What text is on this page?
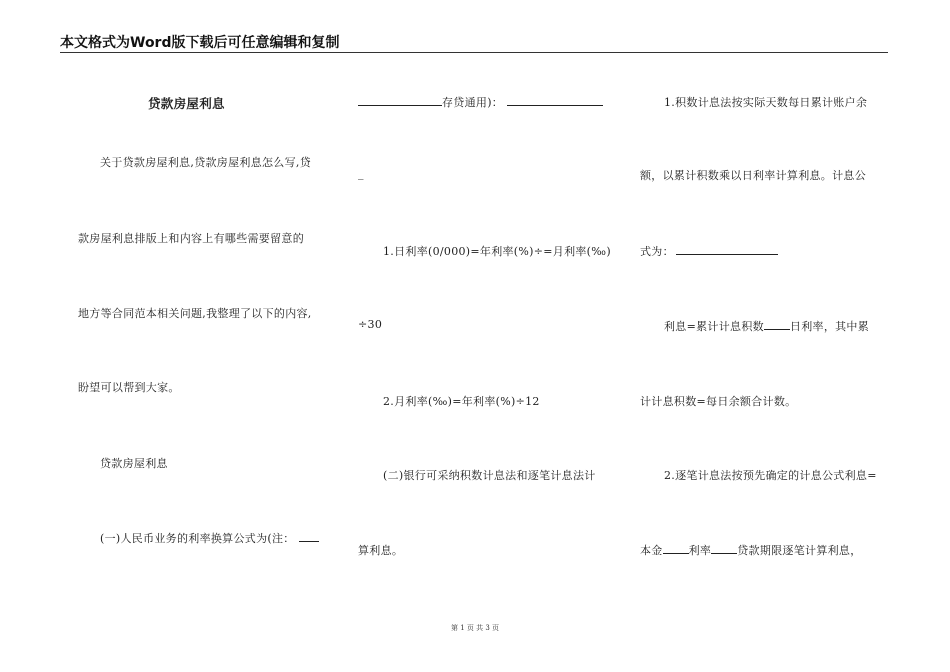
本文格式为Word版下载后可任意编辑和复制
贷款房屋利息
关于贷款房屋利息,贷款房屋利息怎么写,贷
款房屋利息排版上和内容上有哪些需要留意的
地方等合同范本相关问题,我整理了以下的内容,
盼望可以帮到大家。
贷款房屋利息
(一)人民币业务的利率换算公式为(注：
存贷通用)：
_
1.日利率(0/000)=年利率(%)÷=月利率(‰)
÷30
2.月利率(‰)=年利率(%)÷12
(二)银行可采纳积数计息法和逐笔计息法计
算利息。
1.积数计息法按实际天数每日累计账户余
额，以累计积数乘以日利率计算利息。计息公
式为：
利息=累计计息积数 日利率，其中累
计计息积数=每日余额合计数。
2.逐笔计息法按预先确定的计息公式利息=
本金 利率 贷款期限逐笔计算利息，
第 1 页 共 3 页
